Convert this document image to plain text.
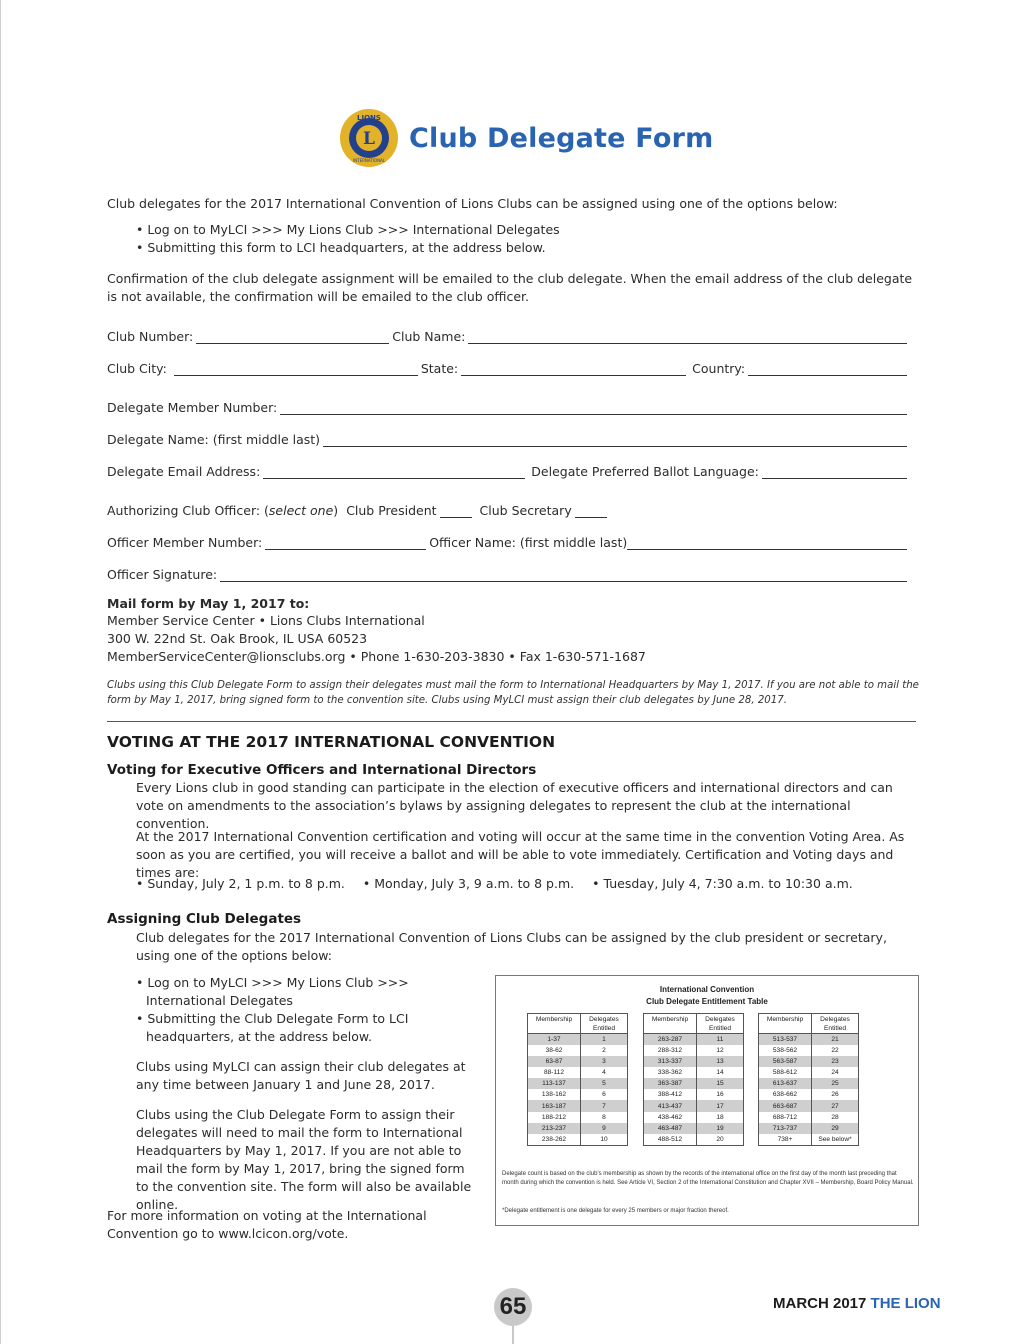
L
LIONS
INTERNATIONAL
Club Delegate Form
Club delegates for the 2017 International Convention of Lions Clubs can be assigned using one of the options below:
• Log on to MyLCI >>> My Lions Club >>> International Delegates
• Submitting this form to LCI headquarters, at the address below.
Confirmation of the club delegate assignment will be emailed to the club delegate. When the email address of the club delegate is not available, the confirmation will be emailed to the club officer.
Club Number:	Club Name:
Club City:	State:	Country:
Delegate Member Number:
Delegate Name: (first middle last)
Delegate Email Address:	Delegate Preferred Ballot Language:
Authorizing Club Officer: ( select one ) Club President	Club Secretary
Officer Member Number:	Officer Name: (first middle last)
Officer Signature:
Mail form by May 1, 2017 to:
Member Service Center • Lions Clubs International
300 W. 22nd St. Oak Brook, IL USA 60523
MemberServiceCenter@lionsclubs.org • Phone 1-630-203-3830 • Fax 1-630-571-1687
Clubs using this Club Delegate Form to assign their delegates must mail the form to International Headquarters by May 1, 2017. If you are not able to mail the form by May 1, 2017, bring signed form to the convention site. Clubs using MyLCI must assign their club delegates by June 28, 2017.
VOTING AT THE 2017 INTERNATIONAL CONVENTION
Voting for Executive Officers and International Directors
Every Lions club in good standing can participate in the election of executive officers and international directors and can vote on amendments to the association’s bylaws by assigning delegates to represent the club at the international convention.
At the 2017 International Convention certification and voting will occur at the same time in the convention Voting Area. As soon as you are certified, you will receive a ballot and will be able to vote immediately. Certification and Voting days and times are:
• Sunday, July 2, 1 p.m. to 8 p.m.	• Monday, July 3, 9 a.m. to 8 p.m.	• Tuesday, July 4, 7:30 a.m. to 10:30 a.m.
Assigning Club Delegates
Club delegates for the 2017 International Convention of Lions Clubs can be assigned by the club president or secretary, using one of the options below:
• Log on to MyLCI >>> My Lions Club >>> International Delegates
• Submitting the Club Delegate Form to LCI headquarters, at the address below.
Clubs using MyLCI can assign their club delegates at any time between January 1 and June 28, 2017.
Clubs using the Club Delegate Form to assign their delegates will need to mail the form to International Headquarters by May 1, 2017. If you are not able to mail the form by May 1, 2017, bring the signed form to the convention site. The form will also be available online.
For more information on voting at the International Convention go to www.lcicon.org/vote.
International Convention
Club Delegate Entitlement Table
Membership	Delegates Entitled
1-37	1
38-62	2
63-87	3
88-112	4
113-137	5
138-162	6
163-187	7
188-212	8
213-237	9
238-262	10
Membership	Delegates Entitled
263-287	11
288-312	12
313-337	13
338-362	14
363-387	15
388-412	16
413-437	17
438-462	18
463-487	19
488-512	20
Membership	Delegates Entitled
513-537	21
538-562	22
563-587	23
588-612	24
613-637	25
638-662	26
663-687	27
688-712	28
713-737	29
738+	See below*
Delegate count is based on the club’s membership as shown by the records of the international office on the first day of the month last preceding that month during which the convention is held. See Article VI, Section 2 of the International Constitution and Chapter XVII – Membership, Board Policy Manual.
*Delegate entitlement is one delegate for every 25 members or major fraction thereof.
65	MARCH 2017 THE LION
